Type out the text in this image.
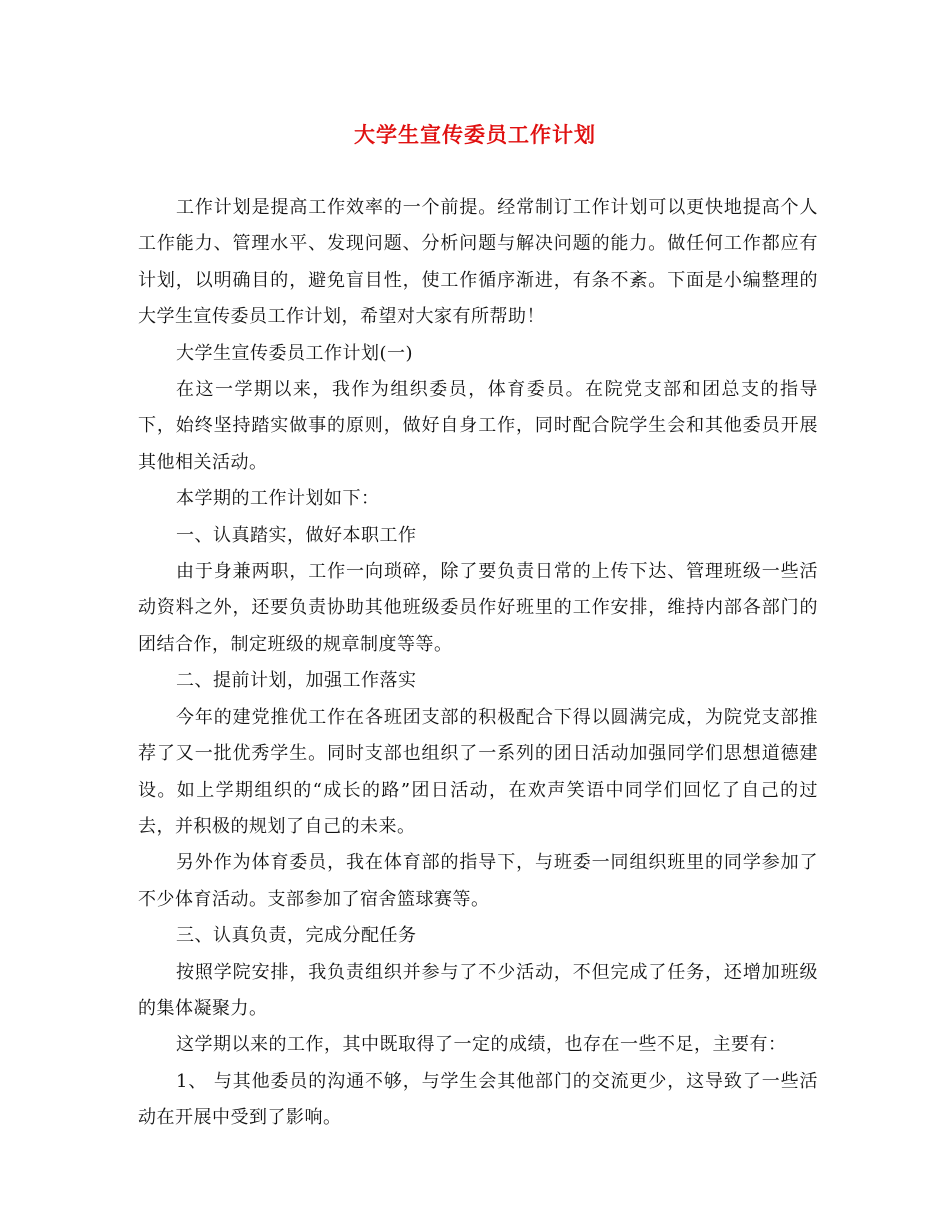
大学生宣传委员工作计划

工作计划是提高工作效率的一个前提。经常制订工作计划可以更快地提高个人工作能力、管理水平、发现问题、分析问题与解决问题的能力。做任何工作都应有计划，以明确目的，避免盲目性，使工作循序渐进，有条不紊。下面是小编整理的大学生宣传委员工作计划，希望对大家有所帮助！

大学生宣传委员工作计划(一)

在这一学期以来，我作为组织委员，体育委员。在院党支部和团总支的指导下，始终坚持踏实做事的原则，做好自身工作，同时配合院学生会和其他委员开展其他相关活动。

本学期的工作计划如下：

一、认真踏实，做好本职工作

由于身兼两职，工作一向琐碎，除了要负责日常的上传下达、管理班级一些活动资料之外，还要负责协助其他班级委员作好班里的工作安排，维持内部各部门的团结合作，制定班级的规章制度等等。

二、提前计划，加强工作落实

今年的建党推优工作在各班团支部的积极配合下得以圆满完成，为院党支部推荐了又一批优秀学生。同时支部也组织了一系列的团日活动加强同学们思想道德建设。如上学期组织的“成长的路”团日活动，在欢声笑语中同学们回忆了自己的过去，并积极的规划了自己的未来。

另外作为体育委员，我在体育部的指导下，与班委一同组织班里的同学参加了不少体育活动。支部参加了宿舍篮球赛等。

三、认真负责，完成分配任务

按照学院安排，我负责组织并参与了不少活动，不但完成了任务，还增加班级的集体凝聚力。

这学期以来的工作，其中既取得了一定的成绩，也存在一些不足，主要有：

1、 与其他委员的沟通不够，与学生会其他部门的交流更少，这导致了一些活动在开展中受到了影响。
